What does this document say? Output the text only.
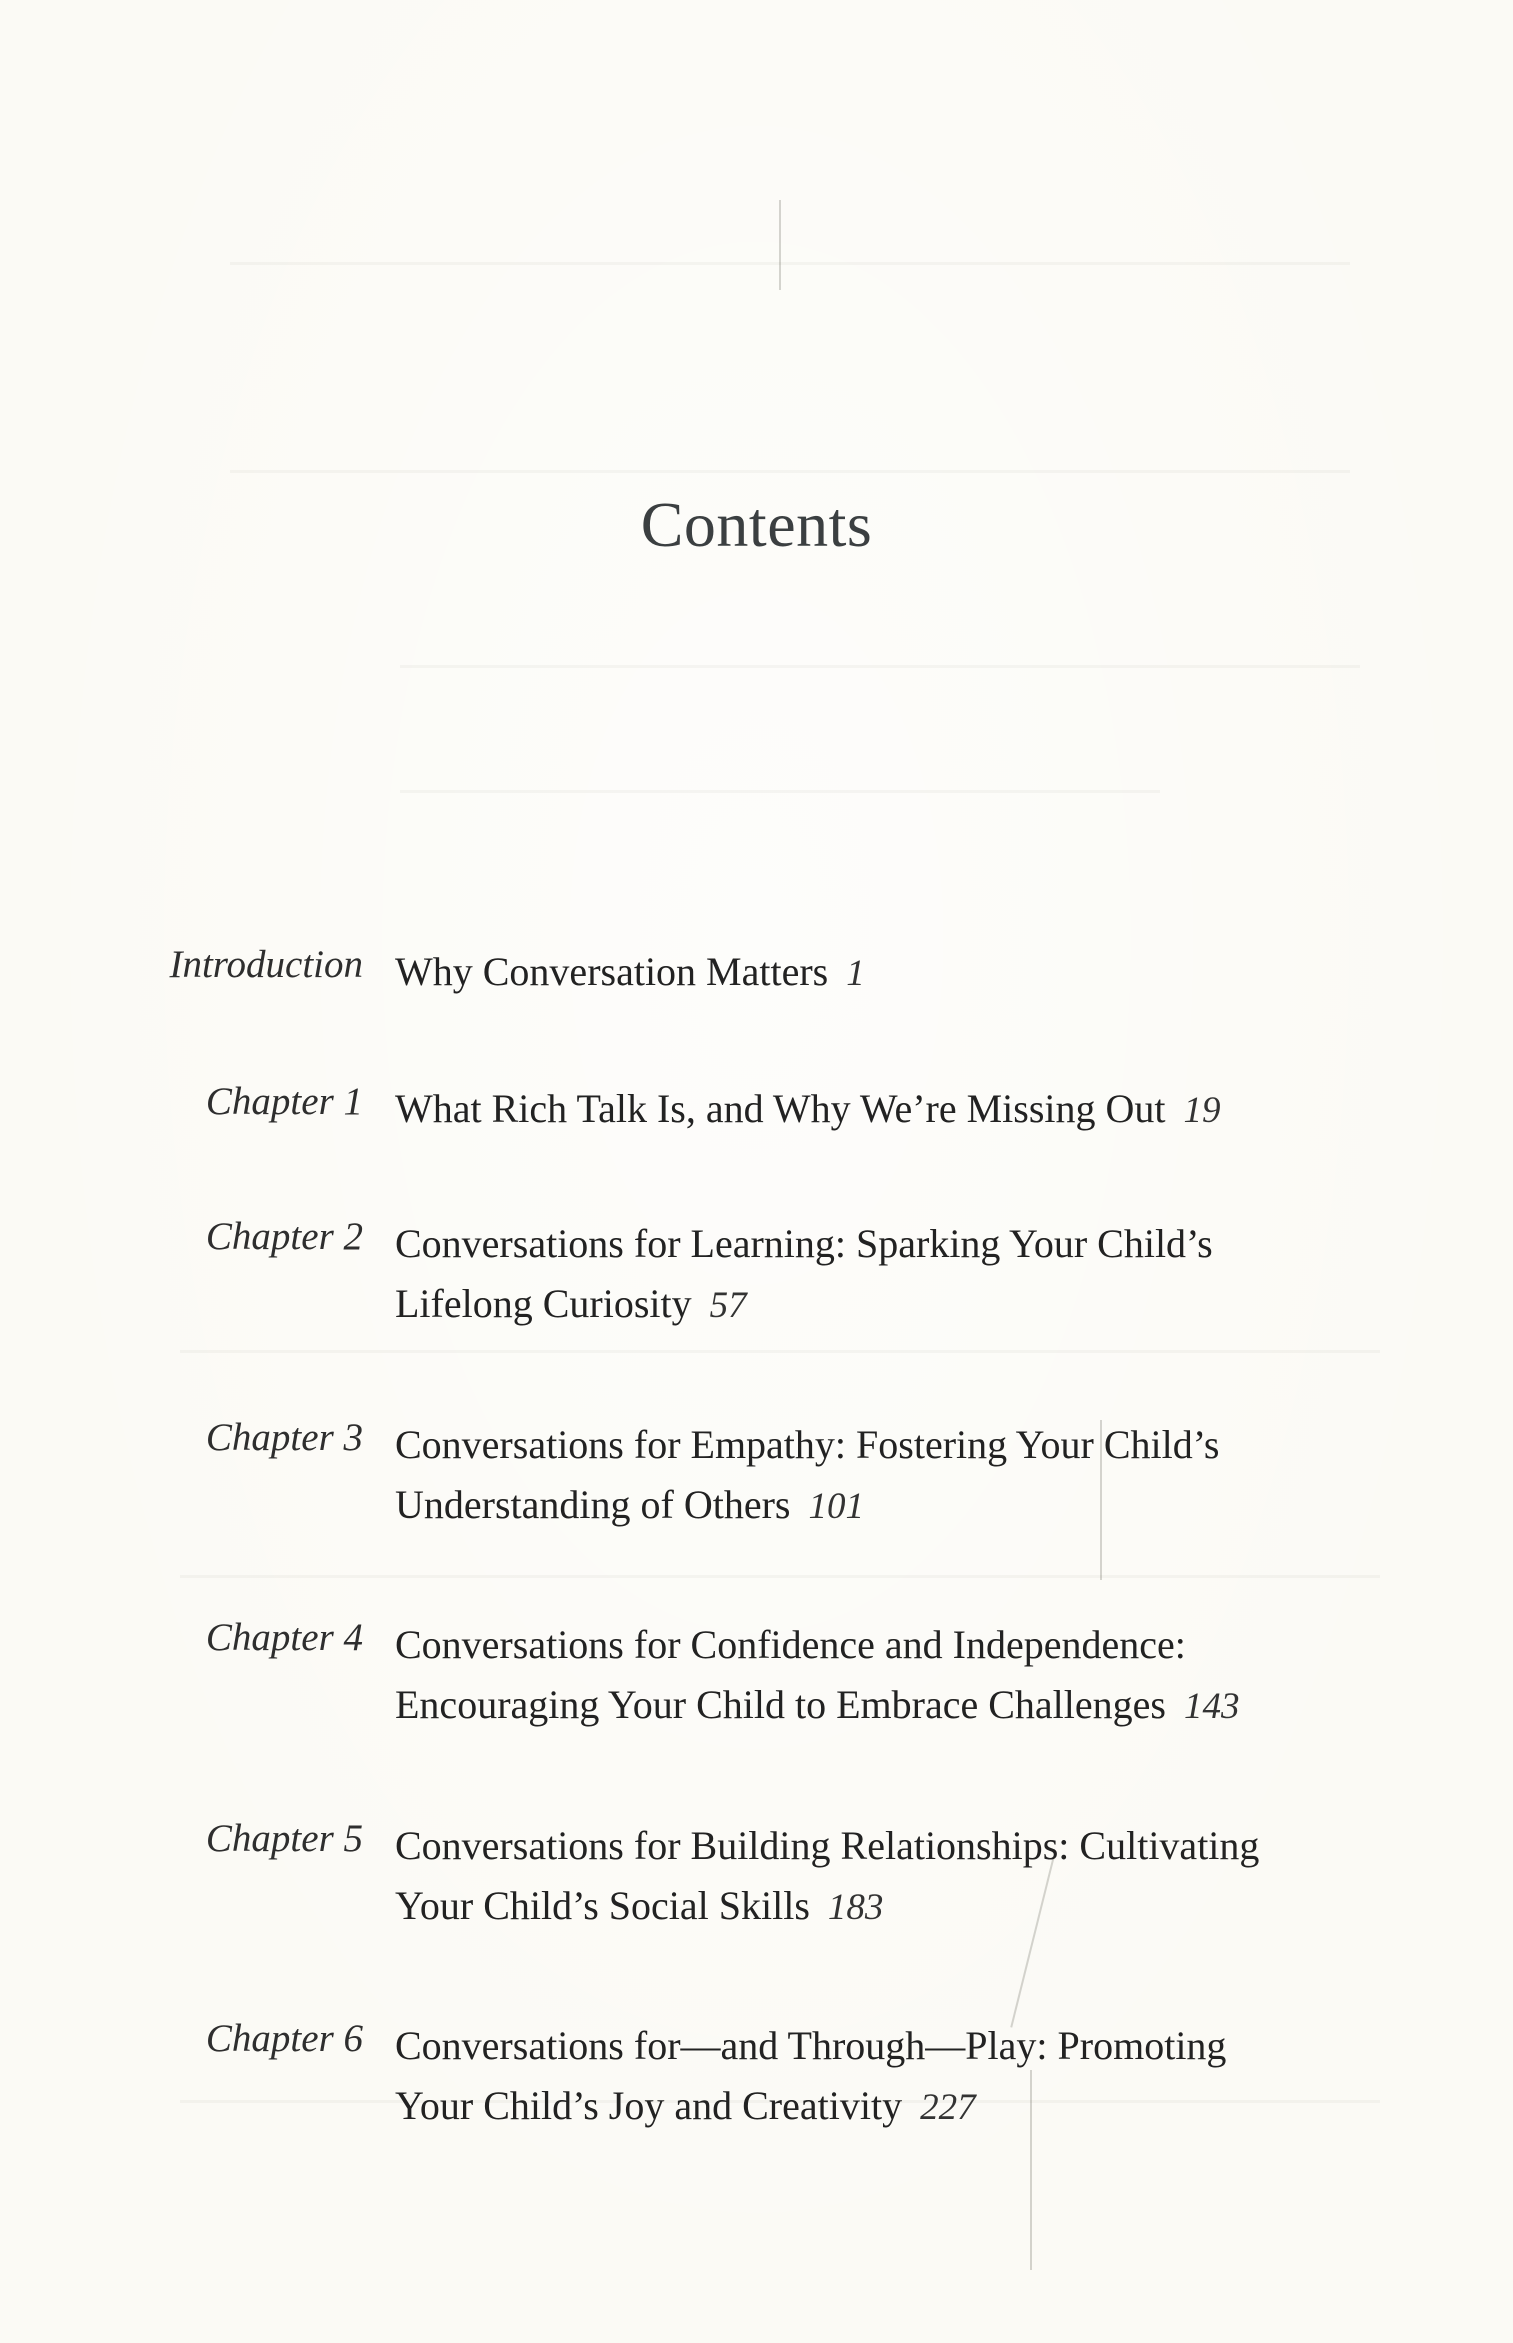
Contents
Introduction Why Conversation Matters 1
Chapter 1 What Rich Talk Is, and Why We’re Missing Out 19
Chapter 2 Conversations for Learning: Sparking Your Child’s
Lifelong Curiosity 57
Chapter 3 Conversations for Empathy: Fostering Your Child’s
Understanding of Others 101
Chapter 4 Conversations for Confidence and Independence:
Encouraging Your Child to Embrace Challenges 143
Chapter 5 Conversations for Building Relationships: Cultivating
Your Child’s Social Skills 183
Chapter 6 Conversations for—and Through—Play: Promoting
Your Child’s Joy and Creativity 227
